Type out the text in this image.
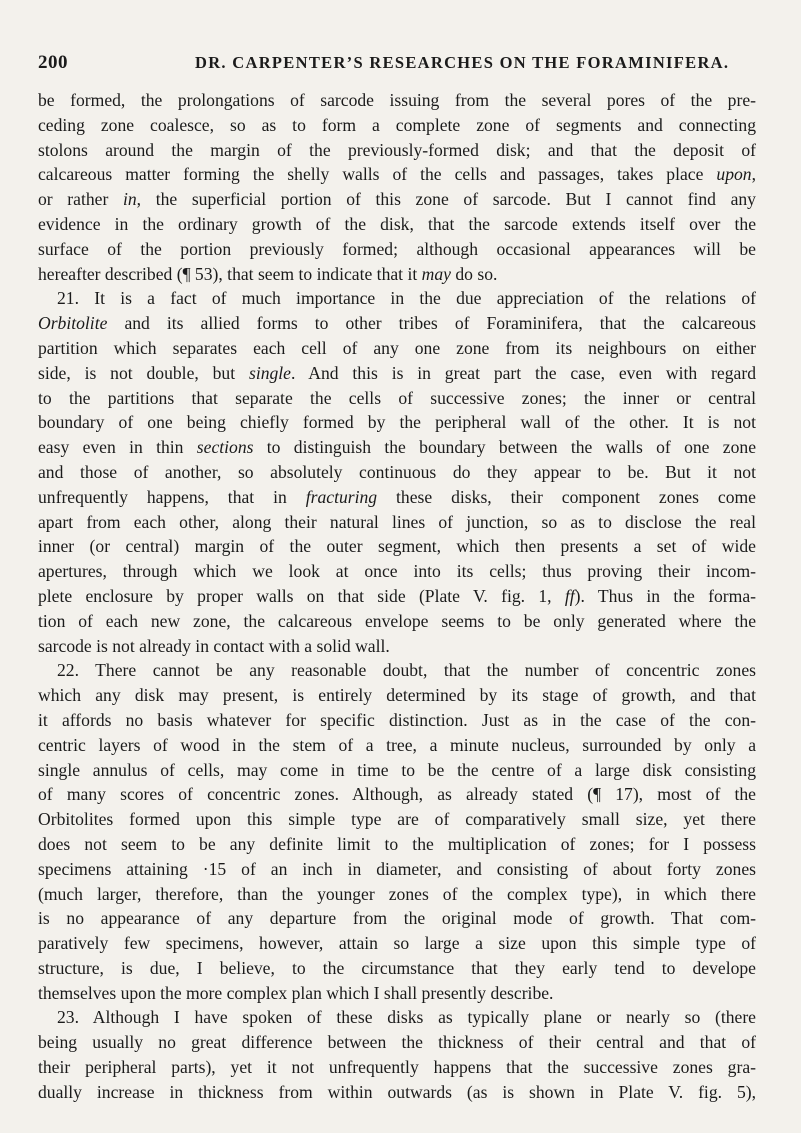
200	DR. CARPENTER’S RESEARCHES ON THE FORAMINIFERA.

be formed, the prolongations of sarcode issuing from the several pores of the pre-
ceding zone coalesce, so as to form a complete zone of segments and connecting
stolons around the margin of the previously-formed disk; and that the deposit of
calcareous matter forming the shelly walls of the cells and passages, takes place upon,
or rather in, the superficial portion of this zone of sarcode. But I cannot find any
evidence in the ordinary growth of the disk, that the sarcode extends itself over the
surface of the portion previously formed; although occasional appearances will be
hereafter described (¶ 53), that seem to indicate that it may do so.

21. It is a fact of much importance in the due appreciation of the relations of
Orbitolite and its allied forms to other tribes of Foraminifera, that the calcareous
partition which separates each cell of any one zone from its neighbours on either
side, is not double, but single. And this is in great part the case, even with regard
to the partitions that separate the cells of successive zones; the inner or central
boundary of one being chiefly formed by the peripheral wall of the other. It is not
easy even in thin sections to distinguish the boundary between the walls of one zone
and those of another, so absolutely continuous do they appear to be. But it not
unfrequently happens, that in fracturing these disks, their component zones come
apart from each other, along their natural lines of junction, so as to disclose the real
inner (or central) margin of the outer segment, which then presents a set of wide
apertures, through which we look at once into its cells; thus proving their incom-
plete enclosure by proper walls on that side (Plate V. fig. 1, ff). Thus in the forma-
tion of each new zone, the calcareous envelope seems to be only generated where the
sarcode is not already in contact with a solid wall.

22. There cannot be any reasonable doubt, that the number of concentric zones
which any disk may present, is entirely determined by its stage of growth, and that
it affords no basis whatever for specific distinction. Just as in the case of the con-
centric layers of wood in the stem of a tree, a minute nucleus, surrounded by only a
single annulus of cells, may come in time to be the centre of a large disk consisting
of many scores of concentric zones. Although, as already stated (¶ 17), most of the
Orbitolites formed upon this simple type are of comparatively small size, yet there
does not seem to be any definite limit to the multiplication of zones; for I possess
specimens attaining ·15 of an inch in diameter, and consisting of about forty zones
(much larger, therefore, than the younger zones of the complex type), in which there
is no appearance of any departure from the original mode of growth. That com-
paratively few specimens, however, attain so large a size upon this simple type of
structure, is due, I believe, to the circumstance that they early tend to develope
themselves upon the more complex plan which I shall presently describe.

23. Although I have spoken of these disks as typically plane or nearly so (there
being usually no great difference between the thickness of their central and that of
their peripheral parts), yet it not unfrequently happens that the successive zones gra-
dually increase in thickness from within outwards (as is shown in Plate V. fig. 5),
